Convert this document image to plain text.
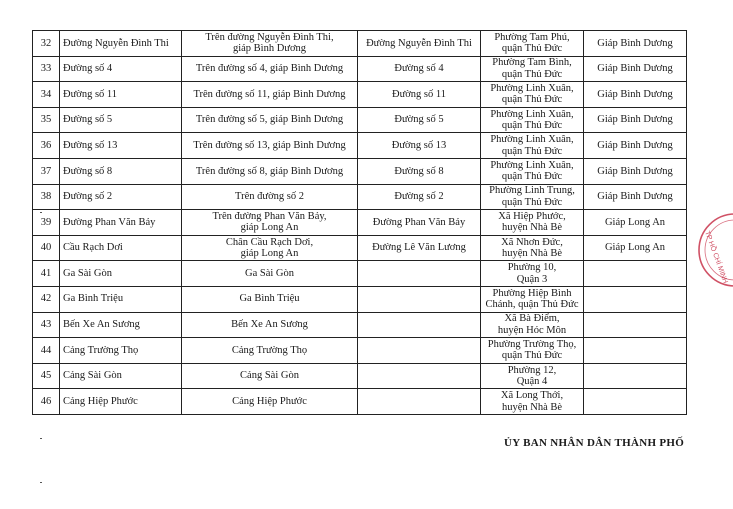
32	Đường Nguyễn Đình Thi	Trên đường Nguyễn Đình Thi,
giáp Bình Dương	Đường Nguyễn Đình Thi	Phường Tam Phú,
quận Thủ Đức	Giáp Bình Dương
33	Đường số 4	Trên đường số 4, giáp Bình Dương	Đường số 4	Phường Tam Bình,
quận Thủ Đức	Giáp Bình Dương
34	Đường số 11	Trên đường số 11, giáp Bình Dương	Đường số 11	Phường Linh Xuân,
quận Thủ Đức	Giáp Bình Dương
35	Đường số 5	Trên đường số 5, giáp Bình Dương	Đường số 5	Phường Linh Xuân,
quận Thủ Đức	Giáp Bình Dương
36	Đường số 13	Trên đường số 13, giáp Bình Dương	Đường số 13	Phường Linh Xuân,
quận Thủ Đức	Giáp Bình Dương
37	Đường số 8	Trên đường số 8, giáp Bình Dương	Đường số 8	Phường Linh Xuân,
quận Thủ Đức	Giáp Bình Dương
38	Đường số 2	Trên đường số 2	Đường số 2	Phường Linh Trung,
quận Thủ Đức	Giáp Bình Dương
39	Đường Phan Văn Bảy	Trên đường Phan Văn Bảy,
giáp Long An	Đường Phan Văn Bảy	Xã Hiệp Phước,
huyện Nhà Bè	Giáp Long An
40	Cầu Rạch Dơi	Chân Cầu Rạch Dơi,
giáp Long An	Đường Lê Văn Lương	Xã Nhơn Đức,
huyện Nhà Bè	Giáp Long An
41	Ga Sài Gòn	Ga Sài Gòn		Phường 10,
Quận 3	
42	Ga Bình Triệu	Ga Bình Triệu		Phường Hiệp Bình
Chánh, quận Thủ Đức	
43	Bến Xe An Sương	Bến Xe An Sương		Xã Bà Điểm,
huyện Hóc Môn	
44	Cảng Trường Thọ	Cảng Trường Thọ		Phường Trường Thọ,
quận Thủ Đức	
45	Cảng Sài Gòn	Cảng Sài Gòn		Phường 12,
Quận 4	
46	Cảng Hiệp Phước	Cảng Hiệp Phước		Xã Long Thới,
huyện Nhà Bè	
TP HỒ CHÍ MINH
ỦY BAN NHÂN DÂN THÀNH PHỐ
